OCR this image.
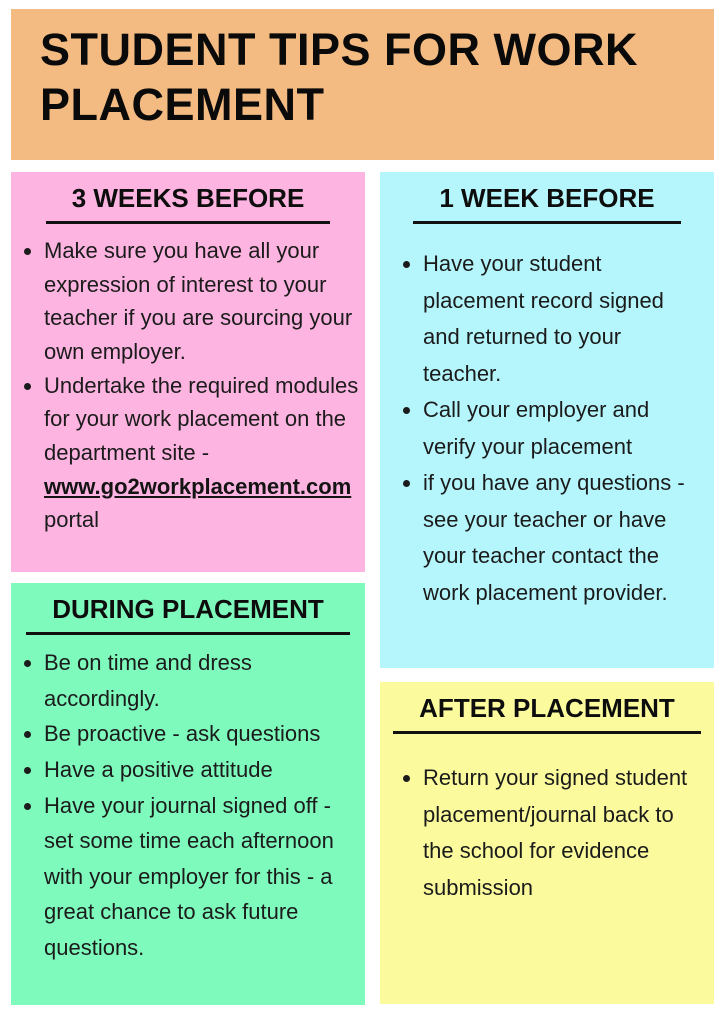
STUDENT TIPS FOR WORK PLACEMENT
3 WEEKS BEFORE
• Make sure you have all your expression of interest to your teacher if you are sourcing your own employer.
• Undertake the required modules for your work placement on the department site - www.go2workplacement.com portal
1 WEEK BEFORE
• Have your student placement record signed and returned to your teacher.
• Call your employer and verify your placement
• if you have any questions - see your teacher or have your teacher contact the work placement provider.
DURING PLACEMENT
• Be on time and dress accordingly.
• Be proactive - ask questions
• Have a positive attitude
• Have your journal signed off - set some time each afternoon with your employer for this - a great chance to ask future questions.
AFTER PLACEMENT
• Return your signed student placement/journal back to the school for evidence submission
